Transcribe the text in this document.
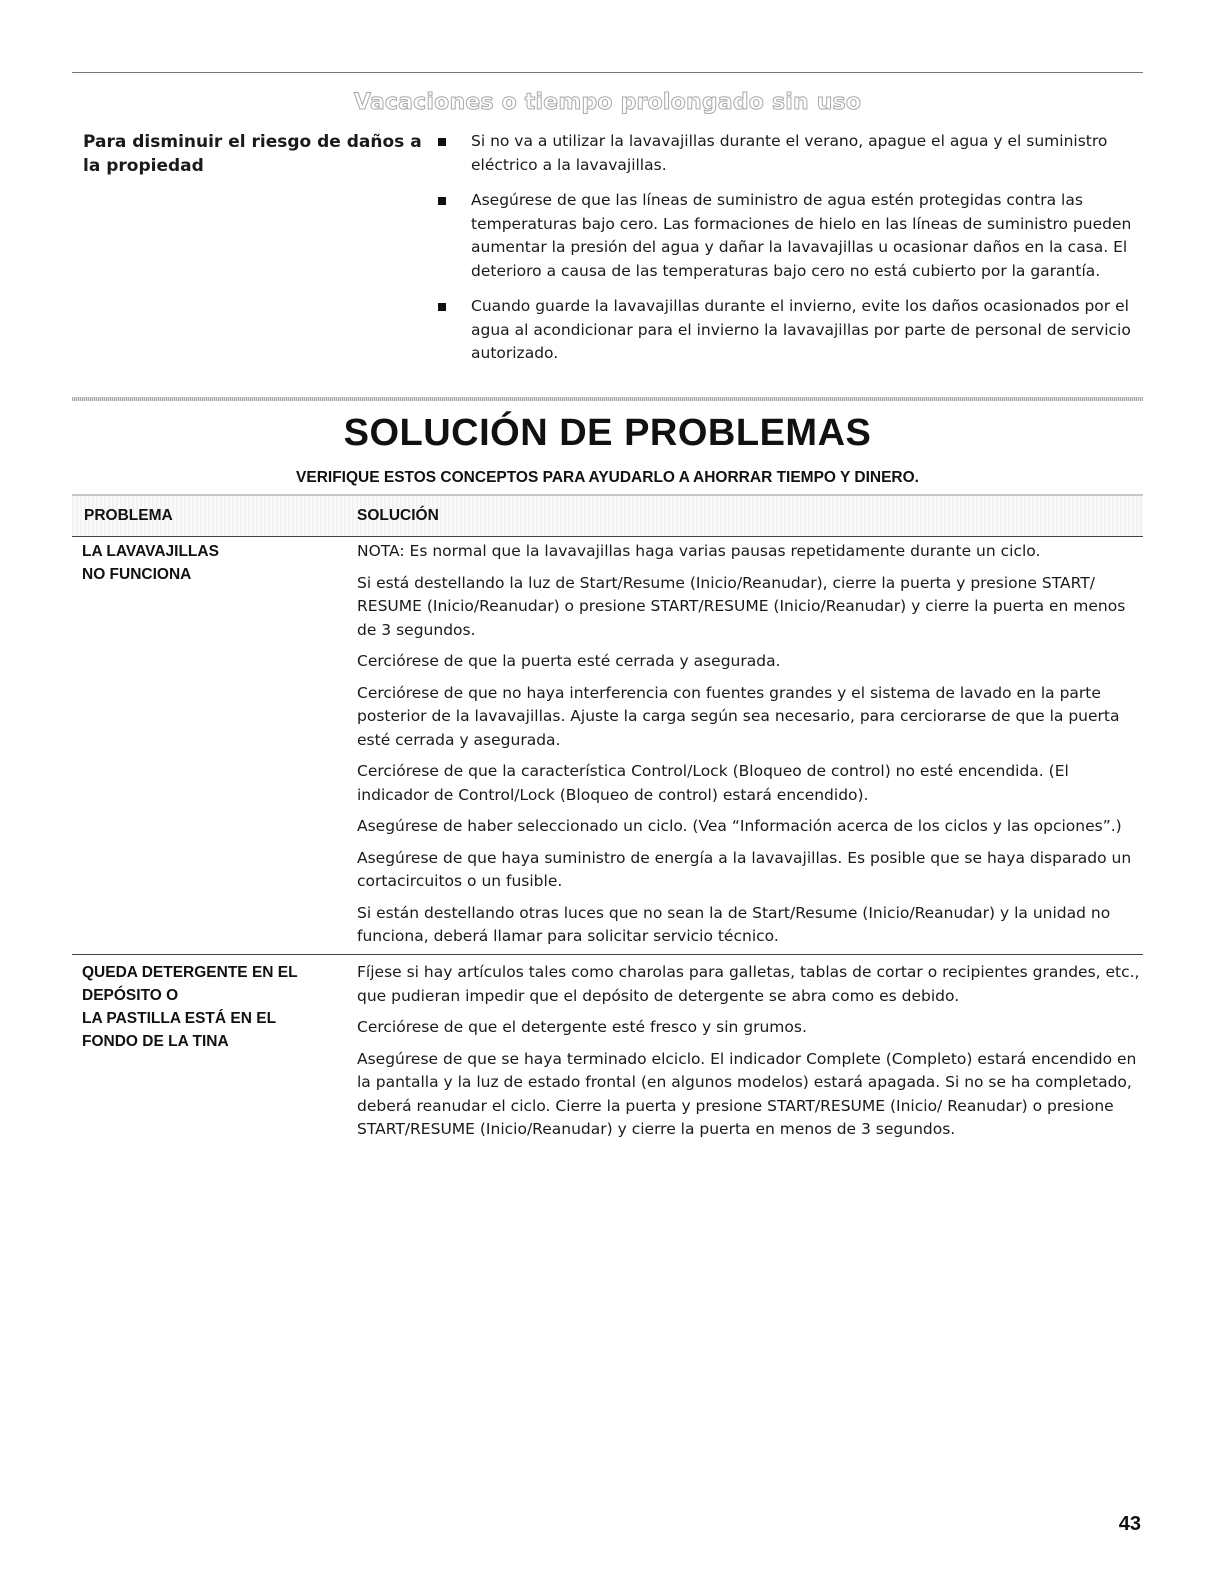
Vacaciones o tiempo prolongado sin uso
Para disminuir el riesgo de daños a la propiedad
Si no va a utilizar la lavavajillas durante el verano, apague el agua y el suministro eléctrico a la lavavajillas.
Asegúrese de que las líneas de suministro de agua estén protegidas contra las temperaturas bajo cero. Las formaciones de hielo en las líneas de suministro pueden aumentar la presión del agua y dañar la lavavajillas u ocasionar daños en la casa. El deterioro a causa de las temperaturas bajo cero no está cubierto por la garantía.
Cuando guarde la lavavajillas durante el invierno, evite los daños ocasionados por el agua al acondicionar para el invierno la lavavajillas por parte de personal de servicio autorizado.
SOLUCIÓN DE PROBLEMAS
VERIFIQUE ESTOS CONCEPTOS PARA AYUDARLO A AHORRAR TIEMPO Y DINERO.
PROBLEMA	SOLUCIÓN
LA LAVAVAJILLAS
NO FUNCIONA

NOTA: Es normal que la lavavajillas haga varias pausas repetidamente durante un ciclo.

Si está destellando la luz de Start/Resume (Inicio/Reanudar), cierre la puerta y presione START/ RESUME (Inicio/Reanudar) o presione START/RESUME (Inicio/Reanudar) y cierre la puerta en menos de 3 segundos.

Cerciórese de que la puerta esté cerrada y asegurada.

Cerciórese de que no haya interferencia con fuentes grandes y el sistema de lavado en la parte posterior de la lavavajillas. Ajuste la carga según sea necesario, para cerciorarse de que la puerta esté cerrada y asegurada.

Cerciórese de que la característica Control/Lock (Bloqueo de control) no esté encendida. (El indicador de Control/Lock (Bloqueo de control) estará encendido).

Asegúrese de haber seleccionado un ciclo. (Vea “Información acerca de los ciclos y las opciones”.)

Asegúrese de que haya suministro de energía a la lavavajillas. Es posible que se haya disparado un cortacircuitos o un fusible.

Si están destellando otras luces que no sean la de Start/Resume (Inicio/Reanudar) y la unidad no funciona, deberá llamar para solicitar servicio técnico.

QUEDA DETERGENTE EN EL
DEPÓSITO O
LA PASTILLA ESTÁ EN EL
FONDO DE LA TINA

Fíjese si hay artículos tales como charolas para galletas, tablas de cortar o recipientes grandes, etc., que pudieran impedir que el depósito de detergente se abra como es debido.

Cerciórese de que el detergente esté fresco y sin grumos.

Asegúrese de que se haya terminado elciclo. El indicador Complete (Completo) estará encendido en la pantalla y la luz de estado frontal (en algunos modelos) estará apagada. Si no se ha completado, deberá reanudar el ciclo. Cierre la puerta y presione START/RESUME (Inicio/ Reanudar) o presione START/RESUME (Inicio/Reanudar) y cierre la puerta en menos de 3 segundos.

43
